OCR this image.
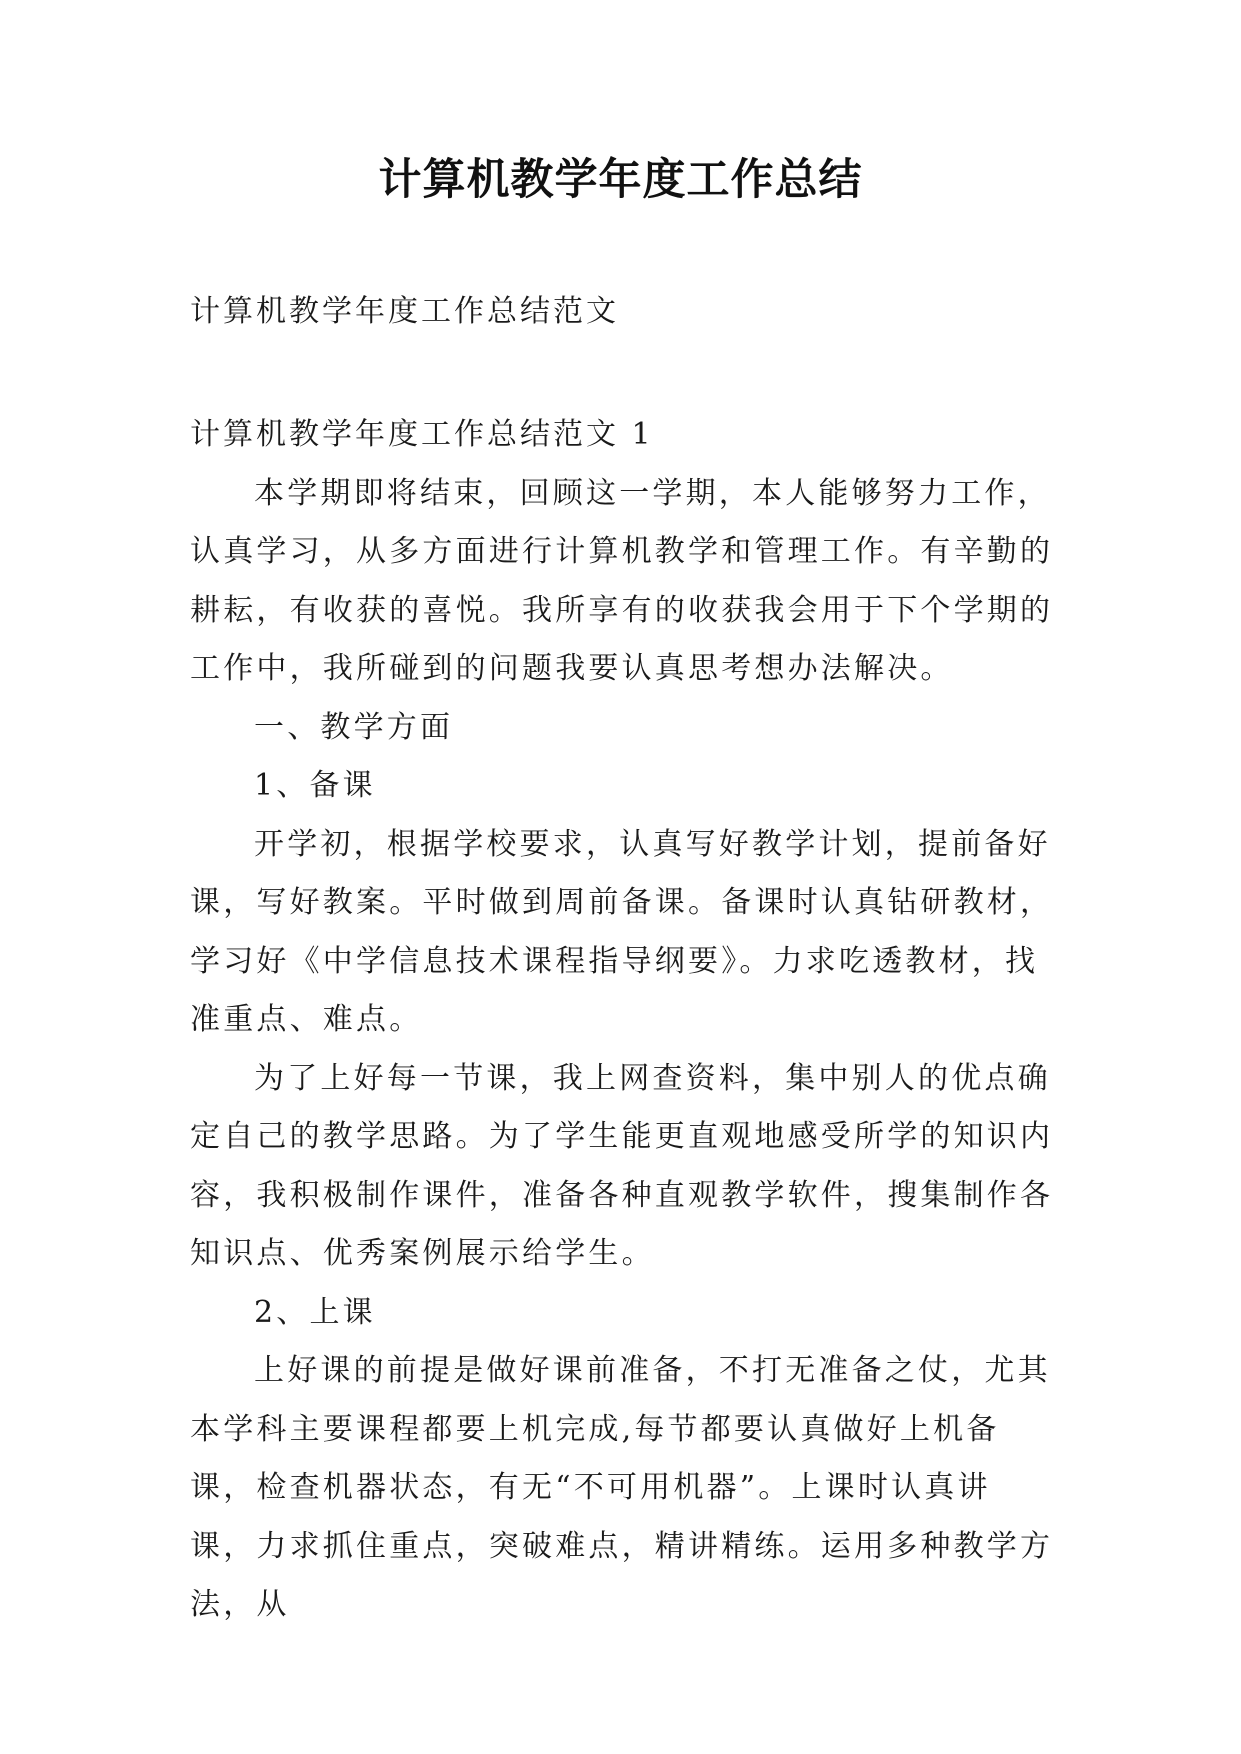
计算机教学年度工作总结
计算机教学年度工作总结范文

计算机教学年度工作总结范文 1

本学期即将结束，回顾这一学期，本人能够努力工作，认真学习，从多方面进行计算机教学和管理工作。有辛勤的耕耘，有收获的喜悦。我所享有的收获我会用于下个学期的工作中，我所碰到的问题我要认真思考想办法解决。

一、教学方面

1、备课

开学初，根据学校要求，认真写好教学计划，提前备好课，写好教案。平时做到周前备课。备课时认真钻研教材，学习好《中学信息技术课程指导纲要》。力求吃透教材，找准重点、难点。

为了上好每一节课，我上网查资料，集中别人的优点确定自己的教学思路。为了学生能更直观地感受所学的知识内容，我积极制作课件，准备各种直观教学软件，搜集制作各知识点、优秀案例展示给学生。

2、上课

上好课的前提是做好课前准备，不打无准备之仗，尤其本学科主要课程都要上机完成,每节都要认真做好上机备课，检查机器状态，有无“不可用机器”。上课时认真讲课，力求抓住重点，突破难点，精讲精练。运用多种教学方法，从
